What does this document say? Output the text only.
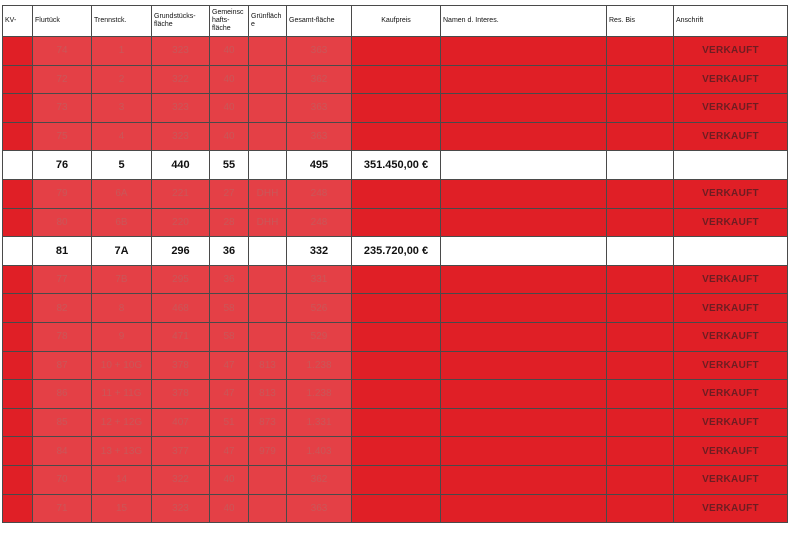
KV-	Flurtück	Trennstck.	Grundstücks-fläche	Gemeinsc hafts-fläche	Grünfläch e	Gesamt-fläche	Kaufpreis	Namen d. Interes.	Res. Bis	Anschrift
	74	1	323	40		363				VERKAUFT
	72	2	322	40		362				VERKAUFT
	73	3	323	40		363				VERKAUFT
	75	4	323	40		363				VERKAUFT
	76	5	440	55		495	351.450,00 €			
	79	6A	221	27	DHH	248				VERKAUFT
	80	6B	220	28	DHH	248				VERKAUFT
	81	7A	296	36		332	235.720,00 €			
	77	7B	295	36		331				VERKAUFT
	82	8	468	58		526				VERKAUFT
	78	9	471	58		529				VERKAUFT
	87	10 + 10G	378	47	813	1.238				VERKAUFT
	86	11 + 11G	378	47	813	1.238				VERKAUFT
	85	12 + 12G	407	51	873	1.331				VERKAUFT
	84	13 + 13G	377	47	979	1.403				VERKAUFT
	70	14	322	40		362				VERKAUFT
	71	15	323	40		363				VERKAUFT
